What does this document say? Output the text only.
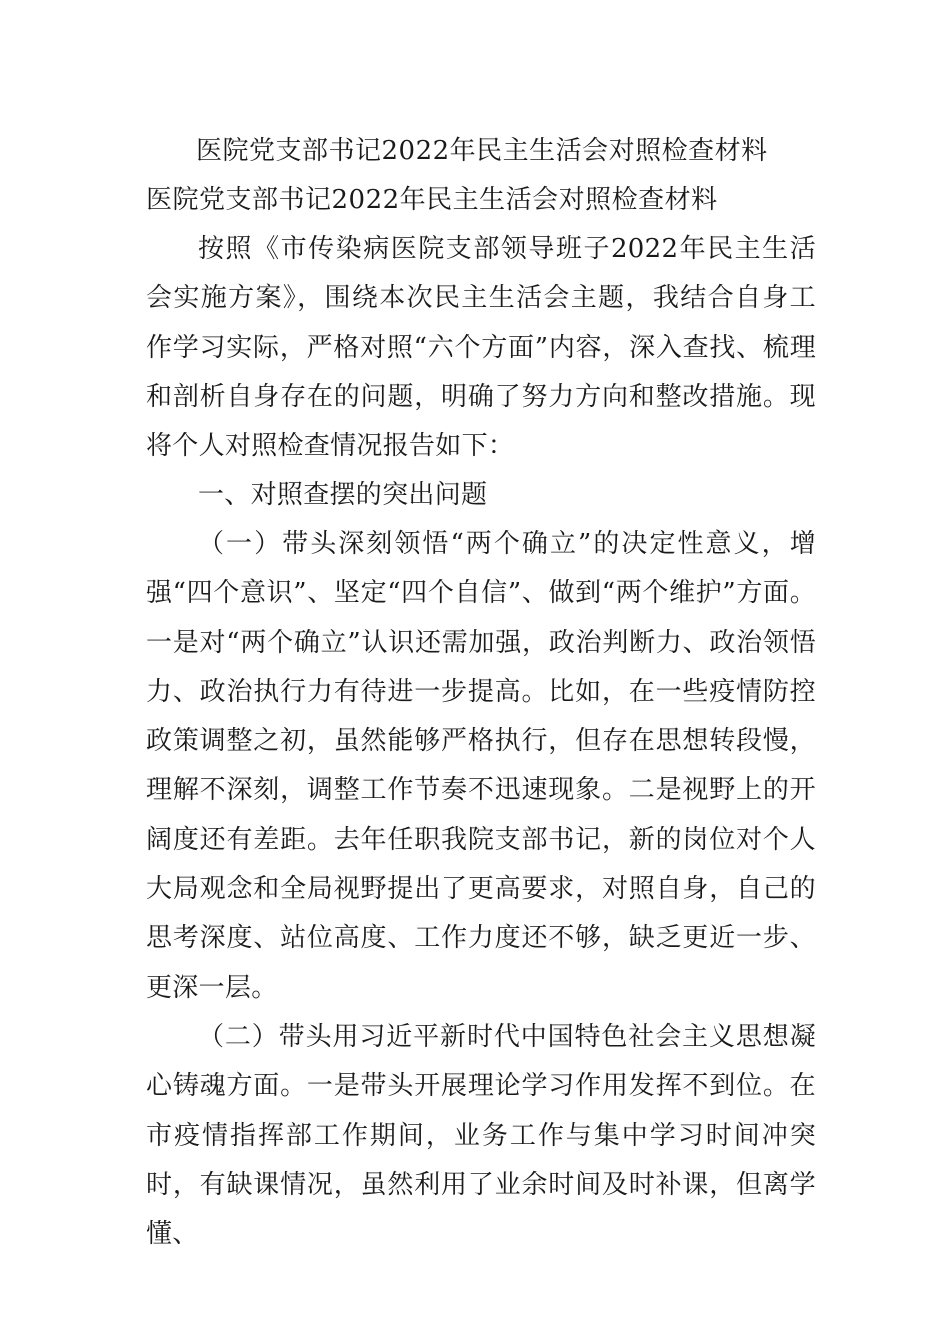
医院党支部书记2022年民主生活会对照检查材料
医院党支部书记2022年民主生活会对照检查材料

按照《市传染病医院支部领导班子2022年民主生活会实施方案》，围绕本次民主生活会主题，我结合自身工作学习实际，严格对照“六个方面”内容，深入查找、梳理和剖析自身存在的问题，明确了努力方向和整改措施。现将个人对照检查情况报告如下：

一、对照查摆的突出问题

（一）带头深刻领悟“两个确立”的决定性意义，增强“四个意识”、坚定“四个自信”、做到“两个维护”方面。一是对“两个确立”认识还需加强，政治判断力、政治领悟力、政治执行力有待进一步提高。比如，在一些疫情防控政策调整之初，虽然能够严格执行，但存在思想转段慢，理解不深刻，调整工作节奏不迅速现象。二是视野上的开阔度还有差距。去年任职我院支部书记，新的岗位对个人大局观念和全局视野提出了更高要求，对照自身，自己的思考深度、站位高度、工作力度还不够，缺乏更近一步、更深一层。

（二）带头用习近平新时代中国特色社会主义思想凝心铸魂方面。一是带头开展理论学习作用发挥不到位。在市疫情指挥部工作期间，业务工作与集中学习时间冲突时，有缺课情况，虽然利用了业余时间及时补课，但离学懂、
